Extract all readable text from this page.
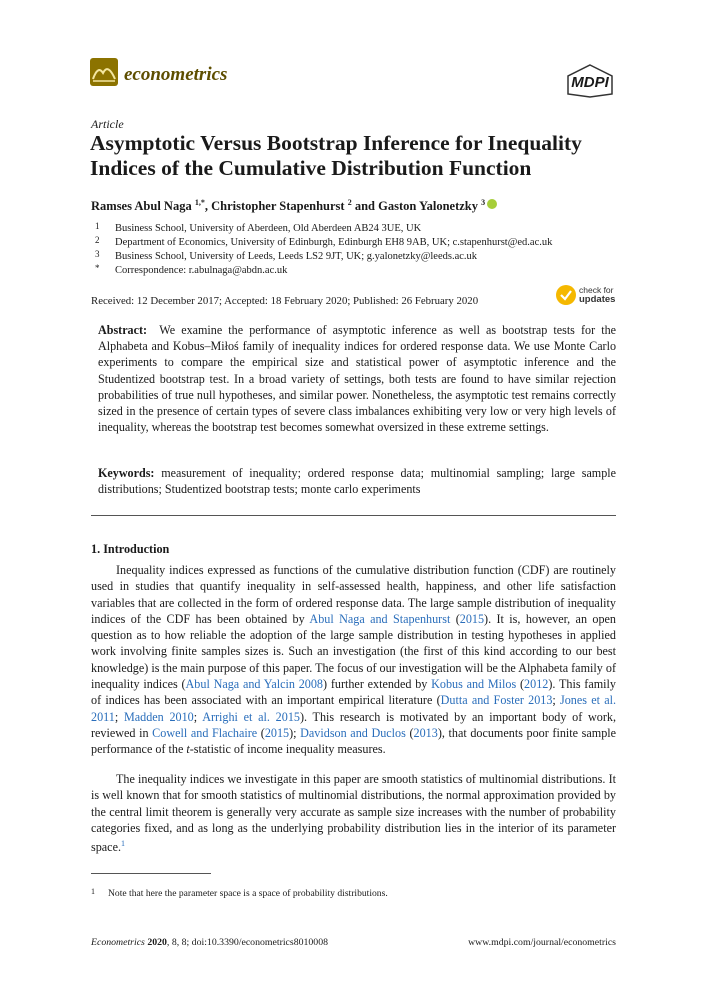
econometrics	MDPI
Article
Asymptotic Versus Bootstrap Inference for Inequality Indices of the Cumulative Distribution Function
Ramses Abul Naga $^{1,*}$, Christopher Stapenhurst $^2$ and Gaston Yalonetzky $^3$
1 Business School, University of Aberdeen, Old Aberdeen AB24 3UE, UK
2 Department of Economics, University of Edinburgh, Edinburgh EH8 9AB, UK; c.stapenhurst@ed.ac.uk
3 Business School, University of Leeds, Leeds LS2 9JT, UK; g.yalonetzky@leeds.ac.uk
* Correspondence: r.abulnaga@abdn.ac.uk
Received: 12 December 2017; Accepted: 18 February 2020; Published: 26 February 2020
check for
updates

Abstract: We examine the performance of asymptotic inference as well as bootstrap tests for the Alphabeta and Kobus–Miłoś family of inequality indices for ordered response data. We use Monte Carlo experiments to compare the empirical size and statistical power of asymptotic inference and the Studentized bootstrap test. In a broad variety of settings, both tests are found to have similar rejection probabilities of true null hypotheses, and similar power. Nonetheless, the asymptotic test remains correctly sized in the presence of certain types of severe class imbalances exhibiting very low or very high levels of inequality, whereas the bootstrap test becomes somewhat oversized in these extreme settings.

Keywords: measurement of inequality; ordered response data; multinomial sampling; large sample distributions; Studentized bootstrap tests; monte carlo experiments

1. Introduction

Inequality indices expressed as functions of the cumulative distribution function (CDF) are routinely used in studies that quantify inequality in self-assessed health, happiness, and other life satisfaction variables that are collected in the form of ordered response data. The large sample distribution of inequality indices of the CDF has been obtained by Abul Naga and Stapenhurst (2015). It is, however, an open question as to how reliable the adoption of the large sample distribution in testing hypotheses in applied work involving finite samples sizes is. Such an investigation (the first of this kind according to our best knowledge) is the main purpose of this paper. The focus of our investigation will be the Alphabeta family of inequality indices (Abul Naga and Yalcin 2008) further extended by Kobus and Milos (2012). This family of indices has been associated with an important empirical literature (Dutta and Foster 2013; Jones et al. 2011; Madden 2010; Arrighi et al. 2015). This research is motivated by an important body of work, reviewed in Cowell and Flachaire (2015); Davidson and Duclos (2013), that documents poor finite sample performance of the t-statistic of income inequality measures.

The inequality indices we investigate in this paper are smooth statistics of multinomial distributions. It is well known that for smooth statistics of multinomial distributions, the normal approximation provided by the central limit theorem is generally very accurate as sample size increases with the number of probability categories fixed, and as long as the underlying probability distribution lies in the interior of its parameter space.$^1$

1 Note that here the parameter space is a space of probability distributions.
Econometrics 2020, 8, 8; doi:10.3390/econometrics8010008	www.mdpi.com/journal/econometrics
